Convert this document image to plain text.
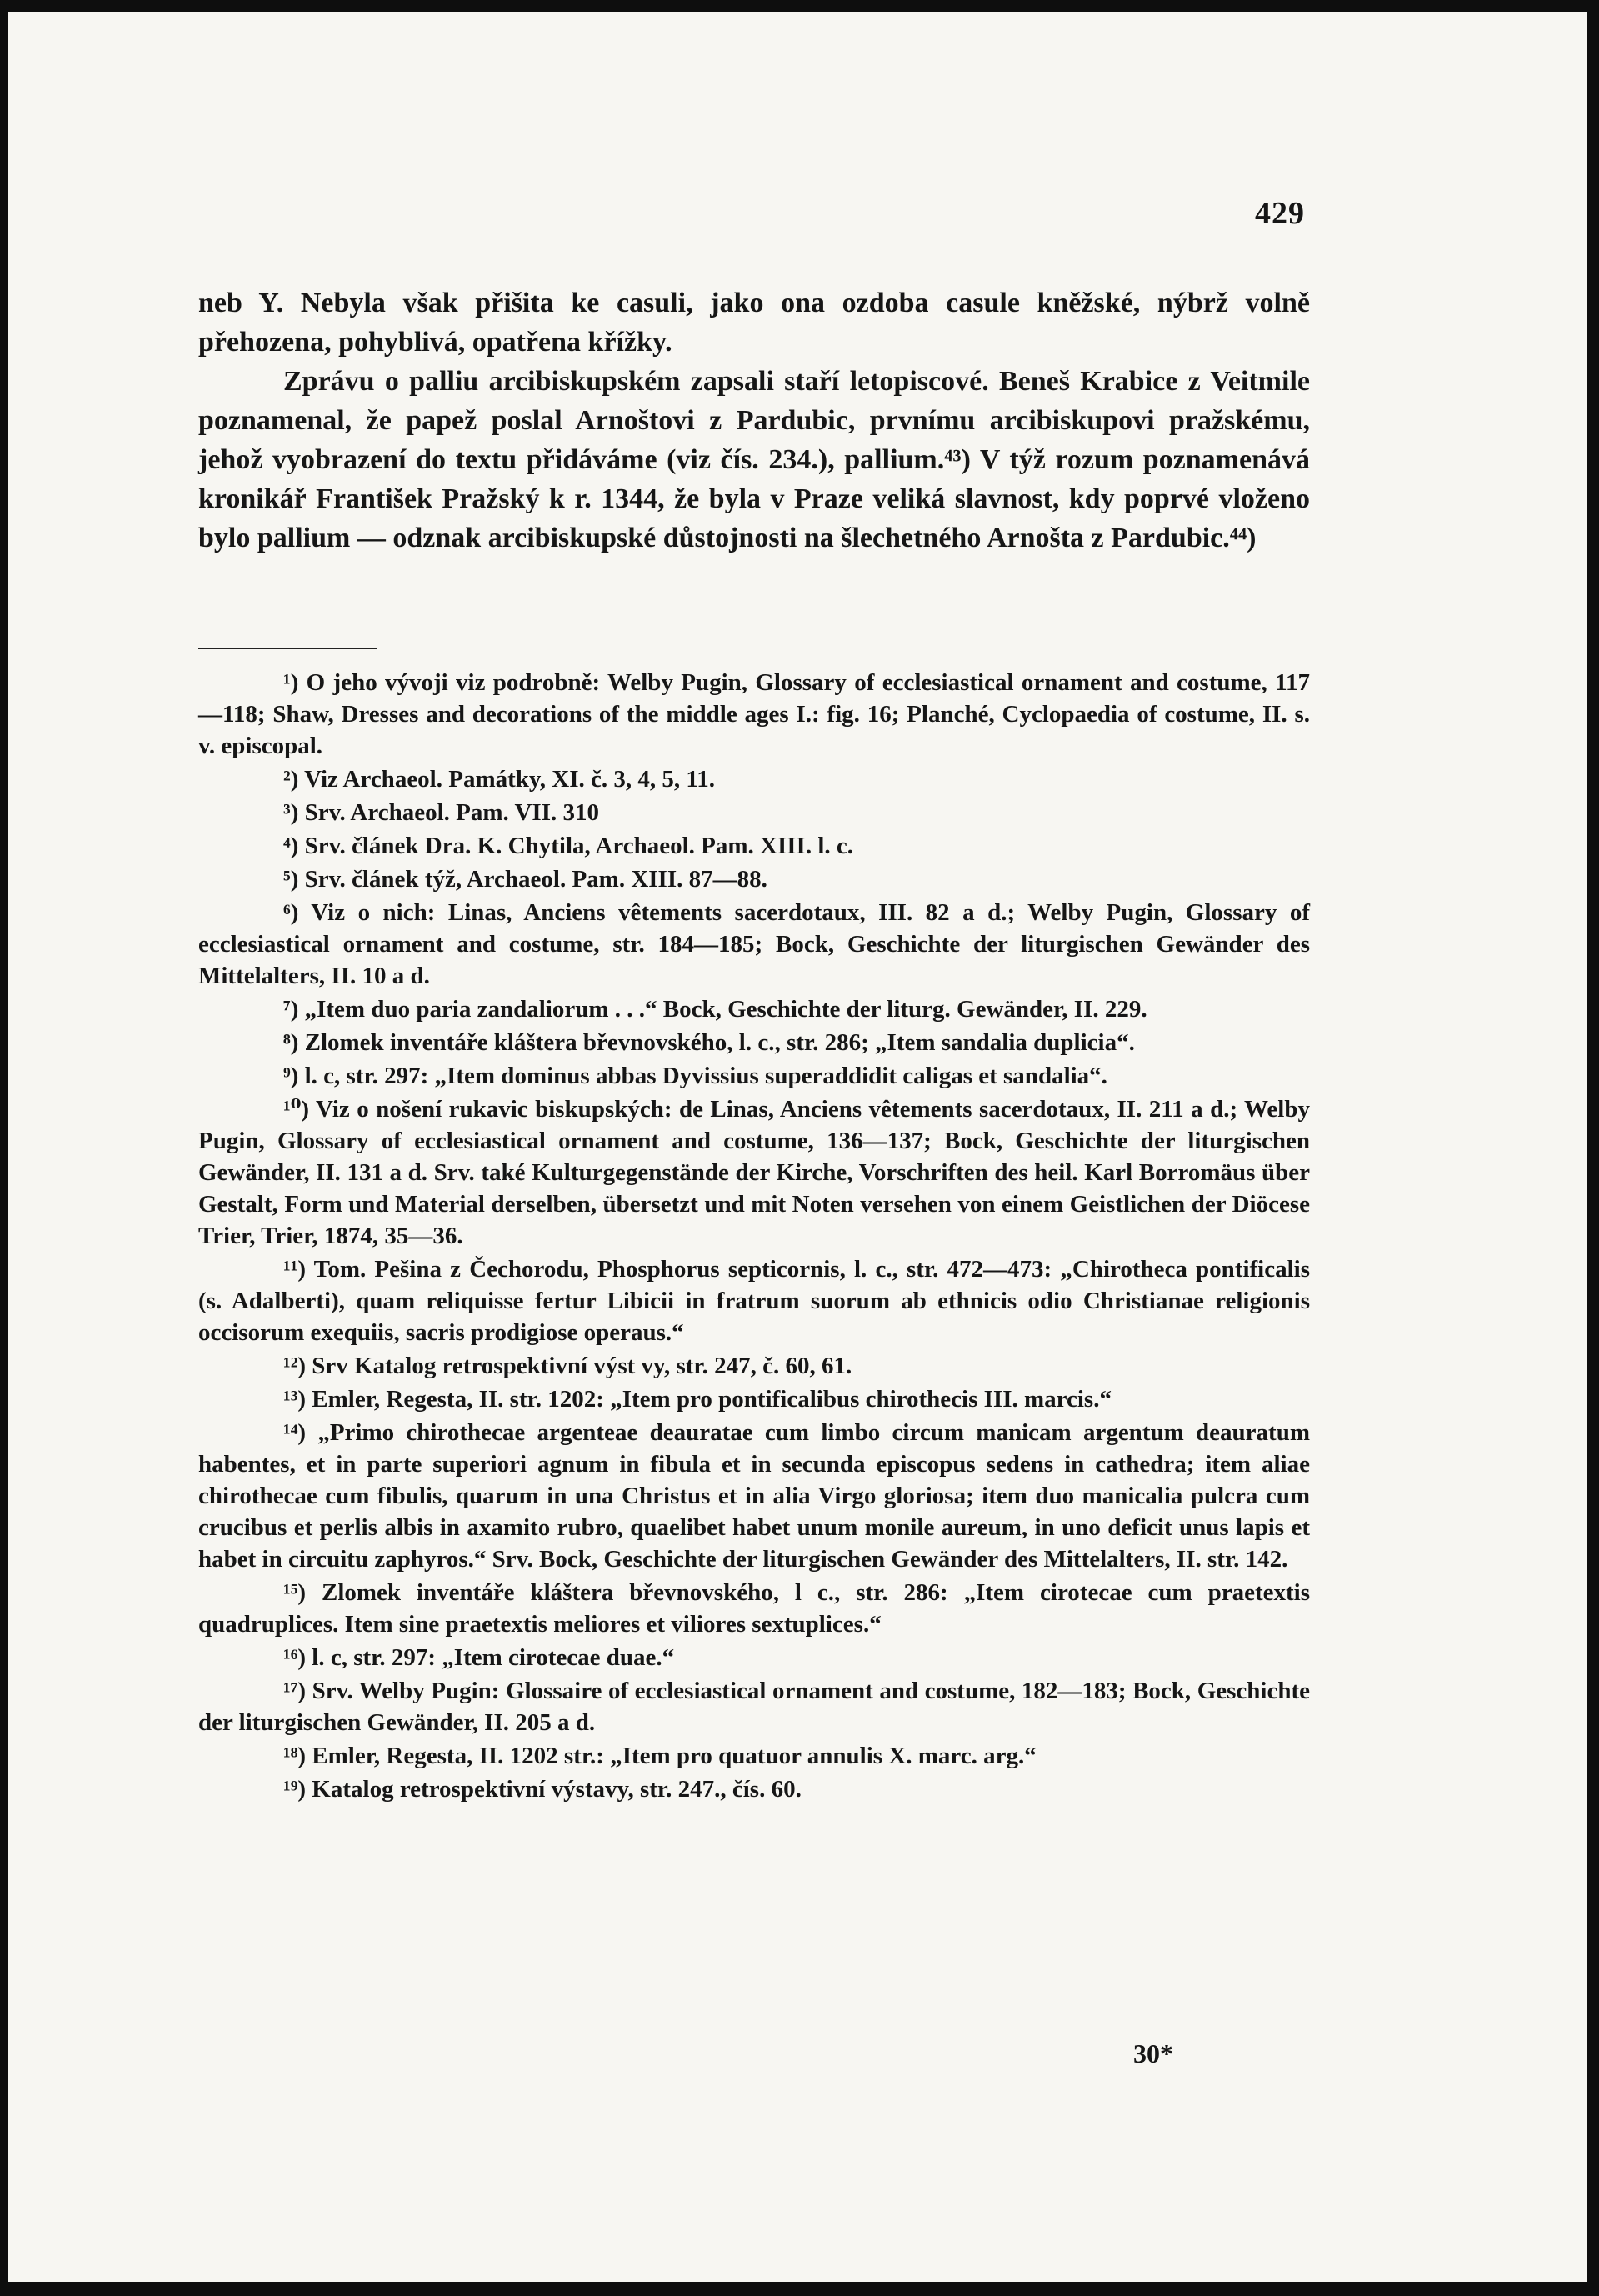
429

neb Y. Nebyla však přišita ke casuli, jako ona ozdoba casule kněžské, nýbrž volně přehozena, pohyblivá, opatřena křížky.

Zprávu o palliu arcibiskupském zapsali staří letopiscové. Beneš Krabice z Veitmile poznamenal, že papež poslal Arnoštovi z Pardubic, prvnímu arcibiskupovi pražskému, jehož vyobrazení do textu přidáváme (viz čís. 234.), pallium.⁴³) V týž rozum poznamenává kronikář František Pražský k r. 1344, že byla v Praze veliká slavnost, kdy poprvé vloženo bylo pallium — odznak arcibiskupské důstojnosti na šlechetného Arnošta z Pardubic.⁴⁴)

¹) O jeho vývoji viz podrobně: Welby Pugin, Glossary of ecclesiastical ornament and costume, 117—118; Shaw, Dresses and decorations of the middle ages I.: fig. 16; Planché, Cyclopaedia of costume, II. s. v. episcopal.

²) Viz Archaeol. Památky, XI. č. 3, 4, 5, 11.

³) Srv. Archaeol. Pam. VII. 310

⁴) Srv. článek Dra. K. Chytila, Archaeol. Pam. XIII. l. c.

⁵) Srv. článek týž, Archaeol. Pam. XIII. 87—88.

⁶) Viz o nich: Linas, Anciens vêtements sacerdotaux, III. 82 a d.; Welby Pugin, Glossary of ecclesiastical ornament and costume, str. 184—185; Bock, Geschichte der liturgischen Gewänder des Mittelalters, II. 10 a d.

⁷) „Item duo paria zandaliorum . . .“ Bock, Geschichte der liturg. Gewänder, II. 229.

⁸) Zlomek inventáře kláštera břevnovského, l. c., str. 286; „Item sandalia duplicia“.

⁹) l. c, str. 297: „Item dominus abbas Dyvissius superaddidit caligas et sandalia“.

¹⁰) Viz o nošení rukavic biskupských: de Linas, Anciens vêtements sacerdotaux, II. 211 a d.; Welby Pugin, Glossary of ecclesiastical ornament and costume, 136—137; Bock, Geschichte der liturgischen Gewänder, II. 131 a d. Srv. také Kulturgegenstände der Kirche, Vorschriften des heil. Karl Borromäus über Gestalt, Form und Material derselben, übersetzt und mit Noten versehen von einem Geistlichen der Diöcese Trier, Trier, 1874, 35—36.

¹¹) Tom. Pešina z Čechorodu, Phosphorus septicornis, l. c., str. 472—473: „Chirotheca pontificalis (s. Adalberti), quam reliquisse fertur Libicii in fratrum suorum ab ethnicis odio Christianae religionis occisorum exequiis, sacris prodigiose operaus.“

¹²) Srv Katalog retrospektivní výst vy, str. 247, č. 60, 61.

¹³) Emler, Regesta, II. str. 1202: „Item pro pontificalibus chirothecis III. marcis.“

¹⁴) „Primo chirothecae argenteae deauratae cum limbo circum manicam argentum deauratum habentes, et in parte superiori agnum in fibula et in secunda episcopus sedens in cathedra; item aliae chirothecae cum fibulis, quarum in una Christus et in alia Virgo gloriosa; item duo manicalia pulcra cum crucibus et perlis albis in axamito rubro, quaelibet habet unum monile aureum, in uno deficit unus lapis et habet in circuitu zaphyros.“ Srv. Bock, Geschichte der liturgischen Gewänder des Mittelalters, II. str. 142.

¹⁵) Zlomek inventáře kláštera břevnovského, l c., str. 286: „Item cirotecae cum praetextis quadruplices. Item sine praetextis meliores et viliores sextuplices.“

¹⁶) l. c, str. 297: „Item cirotecae duae.“

¹⁷) Srv. Welby Pugin: Glossaire of ecclesiastical ornament and costume, 182—183; Bock, Geschichte der liturgischen Gewänder, II. 205 a d.

¹⁸) Emler, Regesta, II. 1202 str.: „Item pro quatuor annulis X. marc. arg.“

¹⁹) Katalog retrospektivní výstavy, str. 247., čís. 60.

30*
